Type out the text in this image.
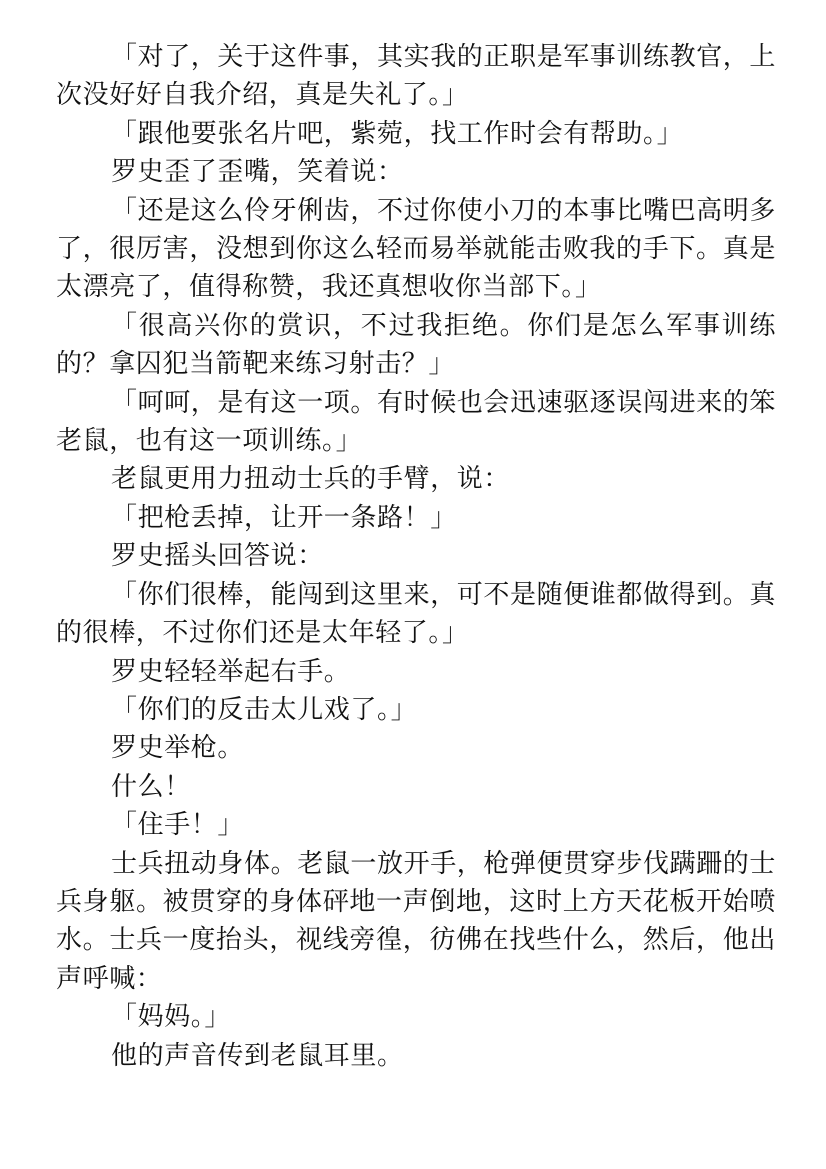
「对了，关于这件事，其实我的正职是军事训练教官，上次没好好自我介绍，真是失礼了。」

「跟他要张名片吧，紫菀，找工作时会有帮助。」

罗史歪了歪嘴，笑着说：

「还是这么伶牙俐齿，不过你使小刀的本事比嘴巴高明多了，很厉害，没想到你这么轻而易举就能击败我的手下。真是太漂亮了，值得称赞，我还真想收你当部下。」

「很高兴你的赏识，不过我拒绝。你们是怎么军事训练的？拿囚犯当箭靶来练习射击？」

「呵呵，是有这一项。有时候也会迅速驱逐误闯进来的笨老鼠，也有这一项训练。」

老鼠更用力扭动士兵的手臂，说：

「把枪丢掉，让开一条路！」

罗史摇头回答说：

「你们很棒，能闯到这里来，可不是随便谁都做得到。真的很棒，不过你们还是太年轻了。」

罗史轻轻举起右手。

「你们的反击太儿戏了。」

罗史举枪。

什么！

「住手！」

士兵扭动身体。老鼠一放开手，枪弹便贯穿步伐蹒跚的士兵身躯。被贯穿的身体砰地一声倒地，这时上方天花板开始喷水。士兵一度抬头，视线旁徨，彷佛在找些什么，然后，他出声呼喊：

「妈妈。」

他的声音传到老鼠耳里。
